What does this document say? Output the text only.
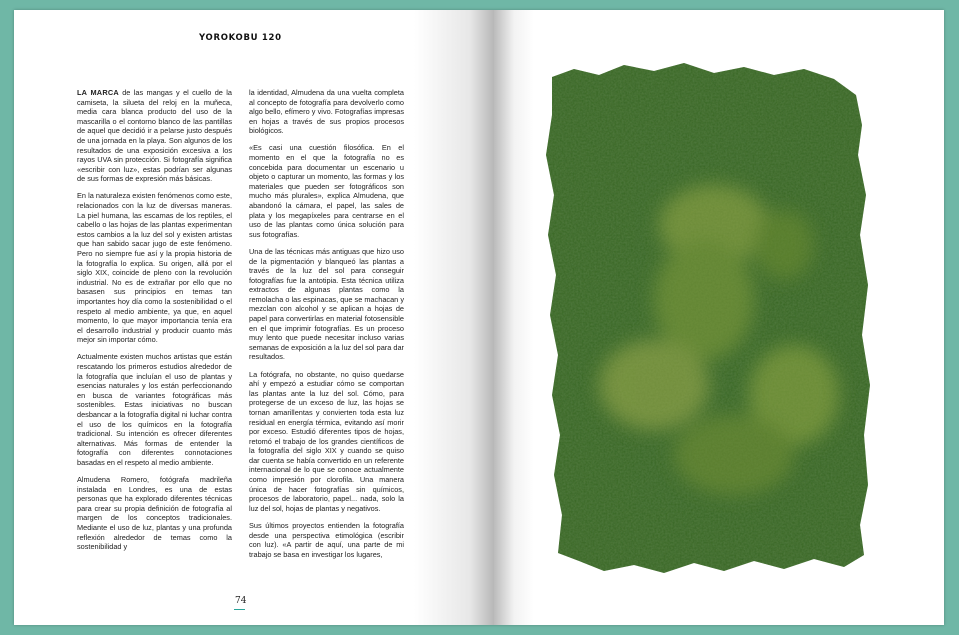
YOROKOBU 120

LA MARCA de las mangas y el cuello de la camiseta, la silueta del reloj en la muñeca, media cara blanca producto del uso de la mascarilla o el contorno blanco de las pantillas de aquel que decidió ir a pelarse justo después de una jornada en la playa. Son algunos de los resultados de una exposición excesiva a los rayos UVA sin protección. Si fotografía significa «escribir con luz», estas podrían ser algunas de sus formas de expresión más básicas.

En la naturaleza existen fenómenos como este, relacionados con la luz de diversas maneras. La piel humana, las escamas de los reptiles, el cabello o las hojas de las plantas experimentan estos cambios a la luz del sol y existen artistas que han sabido sacar jugo de este fenómeno. Pero no siempre fue así y la propia historia de la fotografía lo explica. Su origen, allá por el siglo XIX, coincide de pleno con la revolución industrial. No es de extrañar por ello que no basasen sus principios en temas tan importantes hoy día como la sostenibilidad o el respeto al medio ambiente, ya que, en aquel momento, lo que mayor importancia tenía era el desarrollo industrial y producir cuanto más mejor sin importar cómo.

Actualmente existen muchos artistas que están rescatando los primeros estudios alrededor de la fotografía que incluían el uso de plantas y esencias naturales y los están perfeccionando en busca de variantes fotográficas más sostenibles. Estas iniciativas no buscan desbancar a la fotografía digital ni luchar contra el uso de los químicos en la fotografía tradicional. Su intención es ofrecer diferentes alternativas. Más formas de entender la fotografía con diferentes connotaciones basadas en el respeto al medio ambiente.

Almudena Romero, fotógrafa madrileña instalada en Londres, es una de estas personas que ha explorado diferentes técnicas para crear su propia definición de fotografía al margen de los conceptos tradicionales. Mediante el uso de luz, plantas y una profunda reflexión alrededor de temas como la sostenibilidad y

la identidad, Almudena da una vuelta completa al concepto de fotografía para devolverlo como algo bello, efímero y vivo. Fotografías impresas en hojas a través de sus propios procesos biológicos.

«Es casi una cuestión filosófica. En el momento en el que la fotografía no es concebida para documentar un escenario u objeto o capturar un momento, las formas y los materiales que pueden ser fotográficos son mucho más plurales», explica Almudena, que abandonó la cámara, el papel, las sales de plata y los megapíxeles para centrarse en el uso de las plantas como única solución para sus fotografías.

Una de las técnicas más antiguas que hizo uso de la pigmentación y blanqueó las plantas a través de la luz del sol para conseguir fotografías fue la antotipia. Esta técnica utiliza extractos de algunas plantas como la remolacha o las espinacas, que se machacan y mezclan con alcohol y se aplican a hojas de papel para convertirlas en material fotosensible en el que imprimir fotografías. Es un proceso muy lento que puede necesitar incluso varias semanas de exposición a la luz del sol para dar resultados.

La fotógrafa, no obstante, no quiso quedarse ahí y empezó a estudiar cómo se comportan las plantas ante la luz del sol. Cómo, para protegerse de un exceso de luz, las hojas se tornan amarillentas y convierten toda esta luz residual en energía térmica, evitando así morir por exceso. Estudió diferentes tipos de hojas, retomó el trabajo de los grandes científicos de la fotografía del siglo XIX y cuando se quiso dar cuenta se había convertido en un referente internacional de lo que se conoce actualmente como impresión por clorofila. Una manera única de hacer fotografías sin químicos, procesos de laboratorio, papel... nada, solo la luz del sol, hojas de plantas y negativos.

Sus últimos proyectos entienden la fotografía desde una perspectiva etimológica (escribir con luz). «A partir de aquí, una parte de mi trabajo se basa en investigar los lugares,

74
